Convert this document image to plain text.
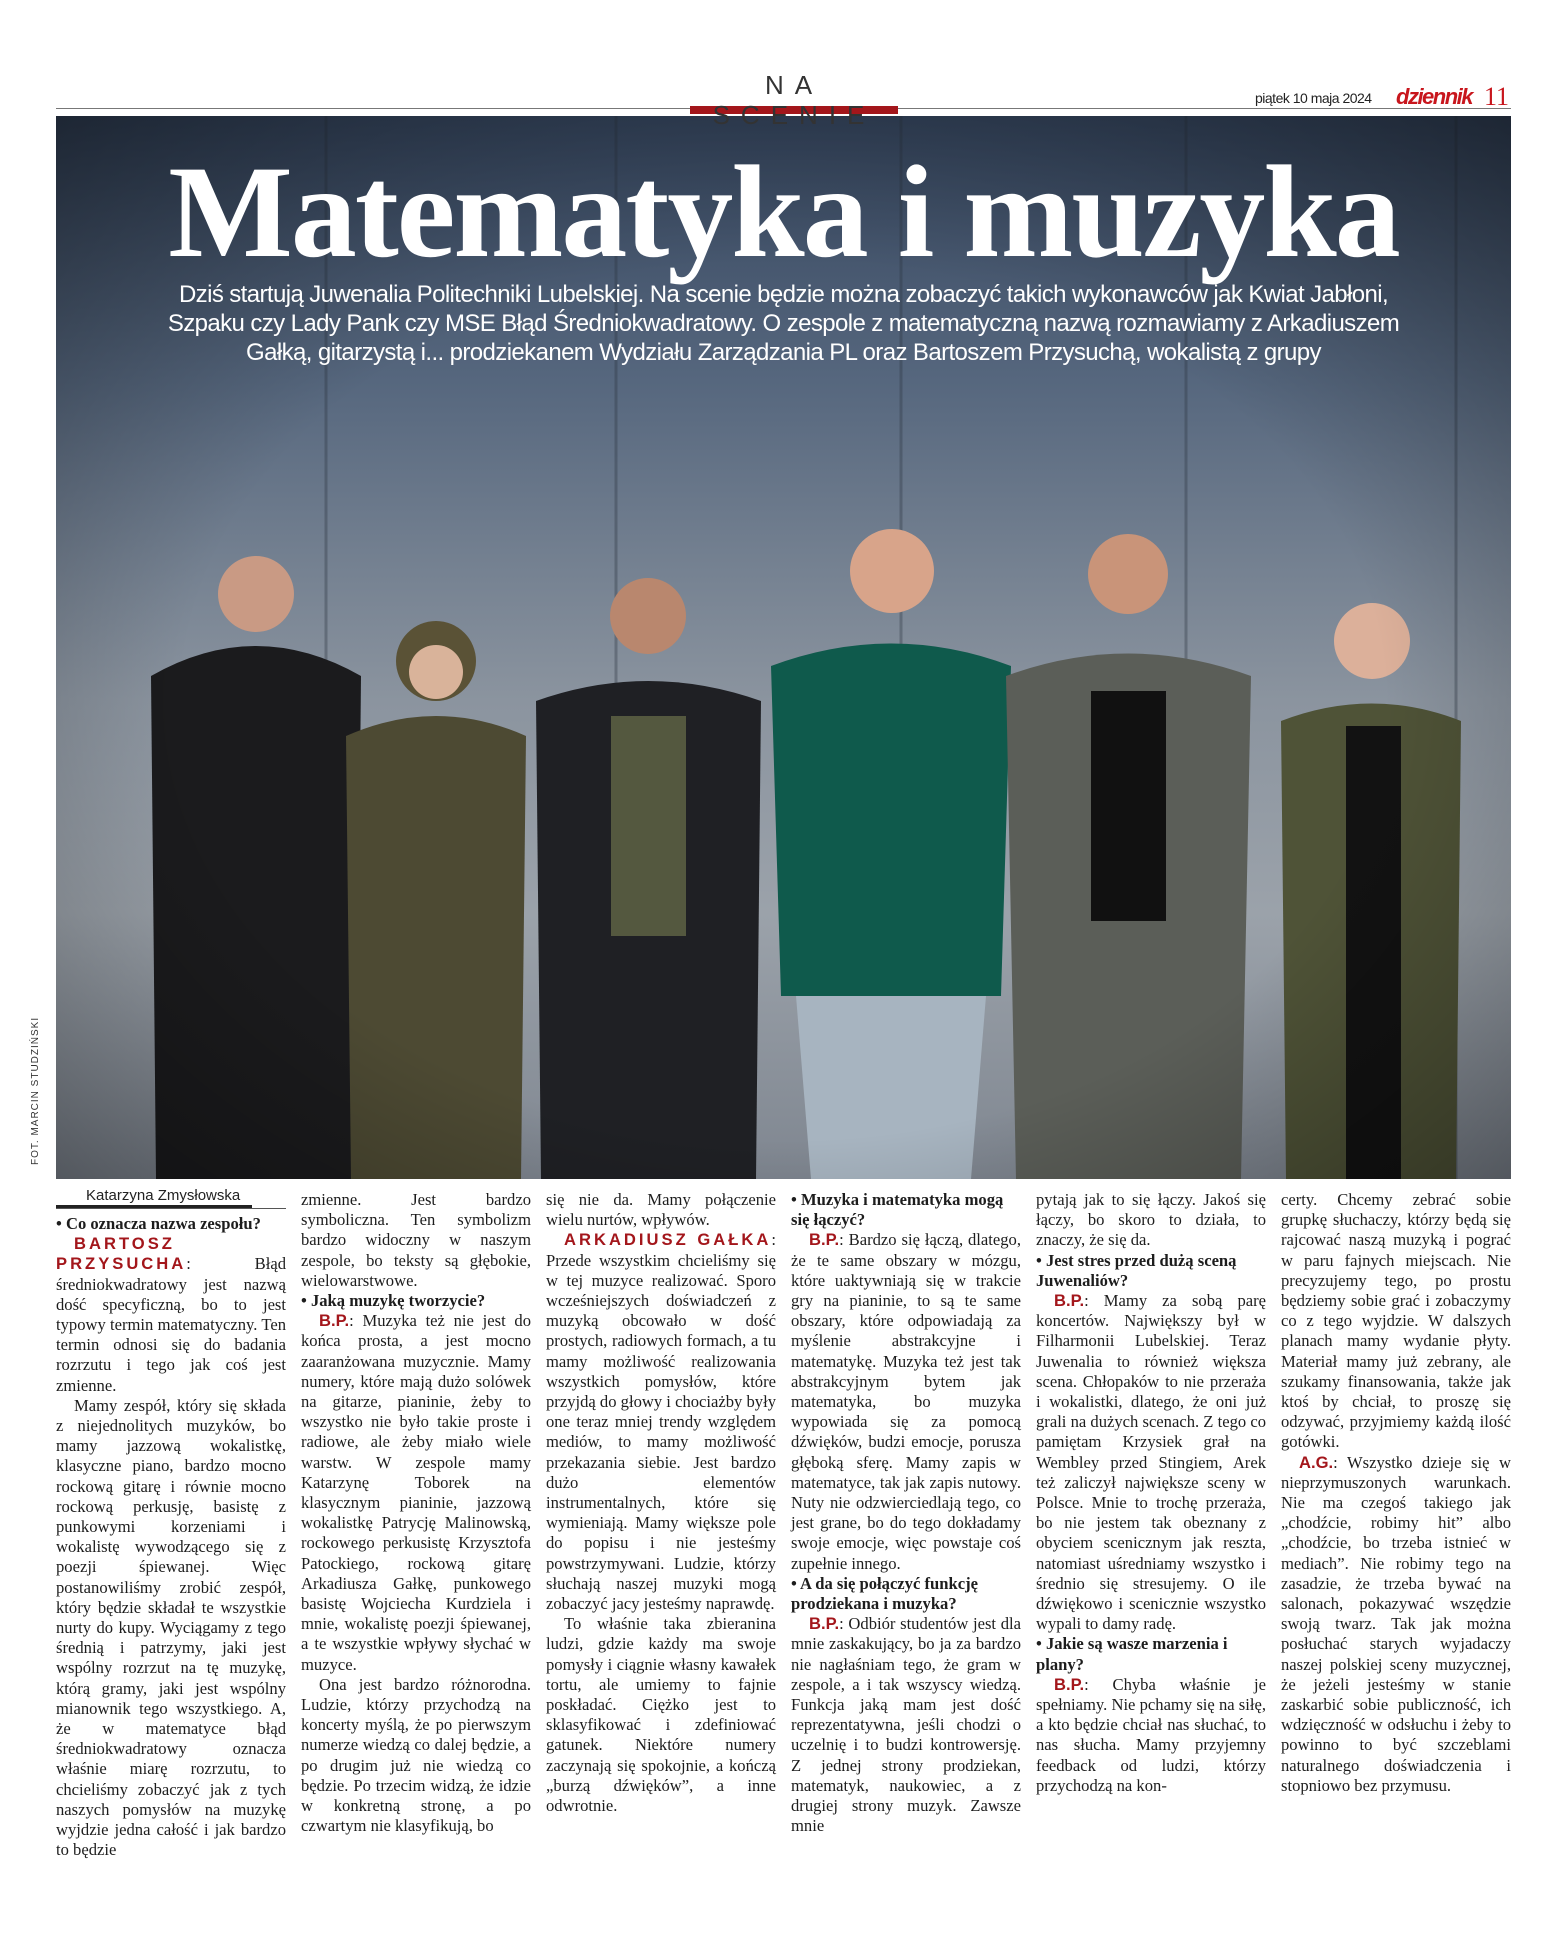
NA SCENIE
piątek 10 maja 2024 dziennik 11
Matematyka i muzyka
Dziś startują Juwenalia Politechniki Lubelskiej. Na scenie będzie można zobaczyć takich wykonawców jak Kwiat Jabłoni,
Szpaku czy Lady Pank czy MSE Błąd Średniokwadratowy. O zespole z matematyczną nazwą rozmawiamy z Arkadiuszem
Gałką, gitarzystą i... prodziekanem Wydziału Zarządzania PL oraz Bartoszem Przysuchą, wokalistą z grupy
FOT. MARCIN STUDZIŃSKI
Katarzyna Zmysłowska

• Co oznacza nazwa zespołu?

BARTOSZ PRZYSUCHA: Błąd średniokwadratowy jest nazwą dość specyficzną, bo to jest typowy termin matematyczny. Ten termin odnosi się do badania rozrzutu i tego jak coś jest zmienne.

Mamy zespół, który się składa z niejednolitych muzyków, bo mamy jazzową wokalistkę, klasyczne piano, bardzo mocno rockową gitarę i równie mocno rockową perkusję, basistę z punkowymi korzeniami i wokalistę wywodzącego się z poezji śpiewanej. Więc postanowiliśmy zrobić zespół, który będzie składał te wszystkie nurty do kupy. Wyciągamy z tego średnią i patrzymy, jaki jest wspólny rozrzut na tę muzykę, którą gramy, jaki jest wspólny mianownik tego wszystkiego. A, że w matematyce błąd średniokwadratowy oznacza właśnie miarę rozrzutu, to chcieliśmy zobaczyć jak z tych naszych pomysłów na muzykę wyjdzie jedna całość i jak bardzo to będzie

zmienne. Jest bardzo symboliczna. Ten symbolizm bardzo widoczny w naszym zespole, bo teksty są głębokie, wielowarstwowe.

• Jaką muzykę tworzycie?

B.P.: Muzyka też nie jest do końca prosta, a jest mocno zaaranżowana muzycznie. Mamy numery, które mają dużo solówek na gitarze, pianinie, żeby to wszystko nie było takie proste i radiowe, ale żeby miało wiele warstw. W zespole mamy Katarzynę Toborek na klasycznym pianinie, jazzową wokalistkę Patrycję Malinowską, rockowego perkusistę Krzysztofa Patockiego, rockową gitarę Arkadiusza Gałkę, punkowego basistę Wojciecha Kurdziela i mnie, wokalistę poezji śpiewanej, a te wszystkie wpływy słychać w muzyce.

Ona jest bardzo różnorodna. Ludzie, którzy przychodzą na koncerty myślą, że po pierwszym numerze wiedzą co dalej będzie, a po drugim już nie wiedzą co będzie. Po trzecim widzą, że idzie w konkretną stronę, a po czwartym nie klasyfikują, bo

się nie da. Mamy połączenie wielu nurtów, wpływów.

ARKADIUSZ GAŁKA: Przede wszystkim chcieliśmy się w tej muzyce realizować. Sporo wcześniejszych doświadczeń z muzyką obcowało w dość prostych, radiowych formach, a tu mamy możliwość realizowania wszystkich pomysłów, które przyjdą do głowy i chociażby były one teraz mniej trendy względem mediów, to mamy możliwość przekazania siebie. Jest bardzo dużo elementów instrumentalnych, które się wymieniają. Mamy większe pole do popisu i nie jesteśmy powstrzymywani. Ludzie, którzy słuchają naszej muzyki mogą zobaczyć jacy jesteśmy naprawdę.

To właśnie taka zbieranina ludzi, gdzie każdy ma swoje pomysły i ciągnie własny kawałek tortu, ale umiemy to fajnie poskładać. Ciężko jest to sklasyfikować i zdefiniować gatunek. Niektóre numery zaczynają się spokojnie, a kończą „burzą dźwięków”, a inne odwrotnie.

• Muzyka i matematyka mogą się łączyć?

B.P.: Bardzo się łączą, dlatego, że te same obszary w mózgu, które uaktywniają się w trakcie gry na pianinie, to są te same obszary, które odpowiadają za myślenie abstrakcyjne i matematykę. Muzyka też jest tak abstrakcyjnym bytem jak matematyka, bo muzyka wypowiada się za pomocą dźwięków, budzi emocje, porusza głęboką sferę. Mamy zapis w matematyce, tak jak zapis nutowy. Nuty nie odzwierciedlają tego, co jest grane, bo do tego dokładamy swoje emocje, więc powstaje coś zupełnie innego.

• A da się połączyć funkcję prodziekana i muzyka?

B.P.: Odbiór studentów jest dla mnie zaskakujący, bo ja za bardzo nie nagłaśniam tego, że gram w zespole, a i tak wszyscy wiedzą. Funkcja jaką mam jest dość reprezentatywna, jeśli chodzi o uczelnię i to budzi kontrowersję. Z jednej strony prodziekan, matematyk, naukowiec, a z drugiej strony muzyk. Zawsze mnie

pytają jak to się łączy. Jakoś się łączy, bo skoro to działa, to znaczy, że się da.

• Jest stres przed dużą sceną Juwenaliów?

B.P.: Mamy za sobą parę koncertów. Największy był w Filharmonii Lubelskiej. Teraz Juwenalia to również większa scena. Chłopaków to nie przeraża i wokalistki, dlatego, że oni już grali na dużych scenach. Z tego co pamiętam Krzysiek grał na Wembley przed Stingiem, Arek też zaliczył największe sceny w Polsce. Mnie to trochę przeraża, bo nie jestem tak obeznany z obyciem scenicznym jak reszta, natomiast uśredniamy wszystko i średnio się stresujemy. O ile dźwiękowo i scenicznie wszystko wypali to damy radę.

• Jakie są wasze marzenia i plany?

B.P.: Chyba właśnie je spełniamy. Nie pchamy się na siłę, a kto będzie chciał nas słuchać, to nas słucha. Mamy przyjemny feedback od ludzi, którzy przychodzą na kon-

certy. Chcemy zebrać sobie grupkę słuchaczy, którzy będą się rajcować naszą muzyką i pograć w paru fajnych miejscach. Nie precyzujemy tego, po prostu będziemy sobie grać i zobaczymy co z tego wyjdzie. W dalszych planach mamy wydanie płyty. Materiał mamy już zebrany, ale szukamy finansowania, także jak ktoś by chciał, to proszę się odzywać, przyjmiemy każdą ilość gotówki.

A.G.: Wszystko dzieje się w nieprzymuszonych warunkach. Nie ma czegoś takiego jak „chodźcie, robimy hit” albo „chodźcie, bo trzeba istnieć w mediach”. Nie robimy tego na zasadzie, że trzeba bywać na salonach, pokazywać wszędzie swoją twarz. Tak jak można posłuchać starych wyjadaczy naszej polskiej sceny muzycznej, że jeżeli jesteśmy w stanie zaskarbić sobie publiczność, ich wdzięczność w odsłuchu i żeby to powinno to być szczeblami naturalnego doświadczenia i stopniowo bez przymusu.
